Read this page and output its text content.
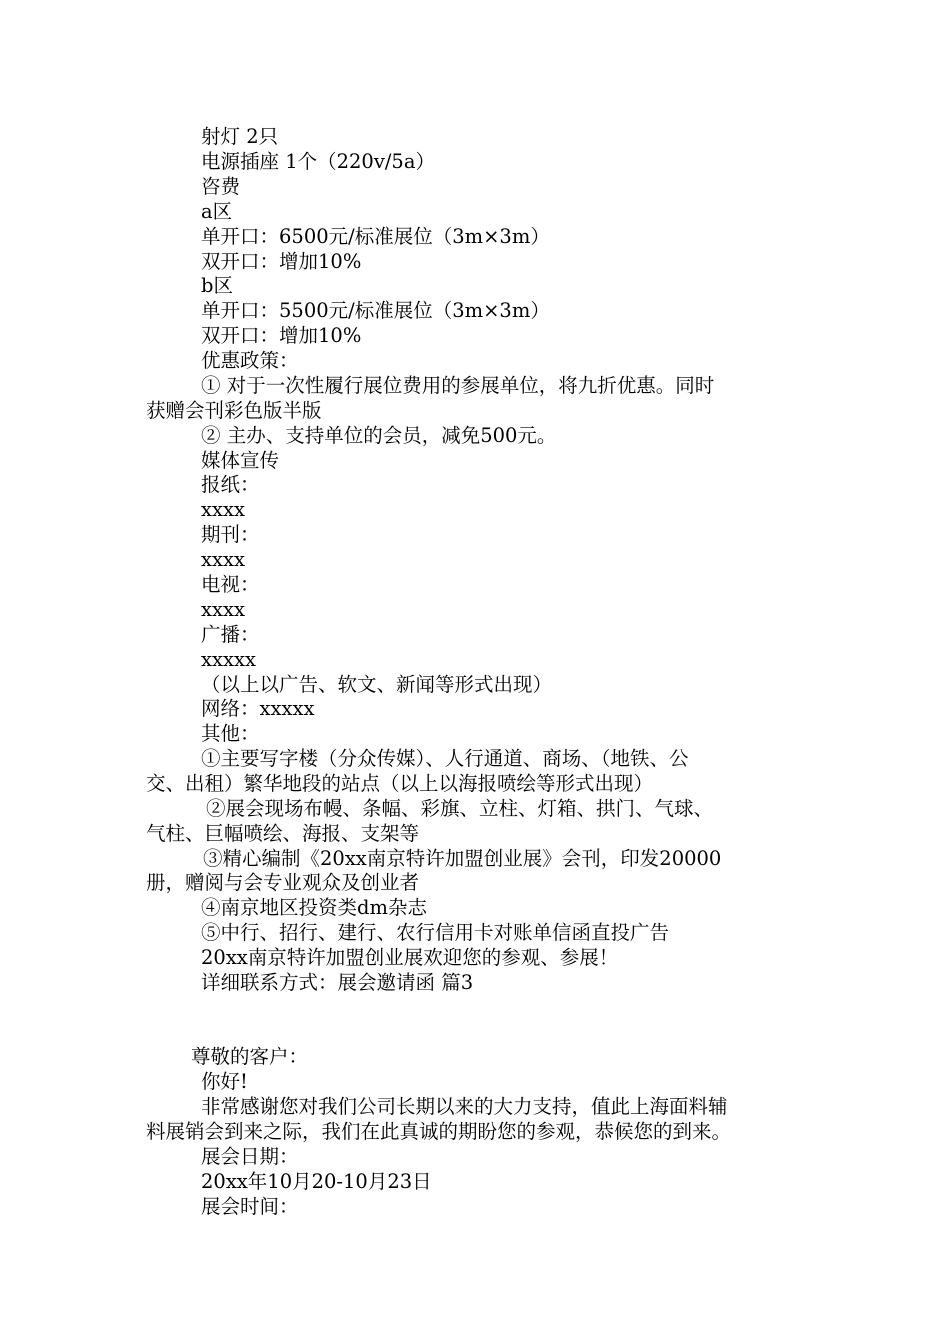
射灯 2只
电源插座 1个（220v/5a）
咨费
a区
单开口：6500元/标准展位（3m×3m）
双开口：增加10%
b区
单开口：5500元/标准展位（3m×3m）
双开口：增加10%
优惠政策：
① 对于一次性履行展位费用的参展单位，将九折优惠。同时
获赠会刊彩色版半版
② 主办、支持单位的会员，减免500元。
媒体宣传
报纸：
xxxx
期刊：
xxxx
电视：
xxxx
广播：
xxxxx
（以上以广告、软文、新闻等形式出现）
网络：xxxxx
其他：
①主要写字楼（分众传媒）、人行通道、商场、（地铁、公
交、出租）繁华地段的站点（以上以海报喷绘等形式出现）
②展会现场布幔、条幅、彩旗、立柱、灯箱、拱门、气球、
气柱、巨幅喷绘、海报、支架等
③精心编制《20xx南京特许加盟创业展》会刊，印发20000
册，赠阅与会专业观众及创业者
④南京地区投资类dm杂志
⑤中行、招行、建行、农行信用卡对账单信函直投广告
20xx南京特许加盟创业展欢迎您的参观、参展！
详细联系方式：展会邀请函 篇3
尊敬的客户：
你好!
非常感谢您对我们公司长期以来的大力支持，值此上海面料辅
料展销会到来之际，我们在此真诚的期盼您的参观，恭候您的到来。
展会日期：
20xx年10月20-10月23日
展会时间：
